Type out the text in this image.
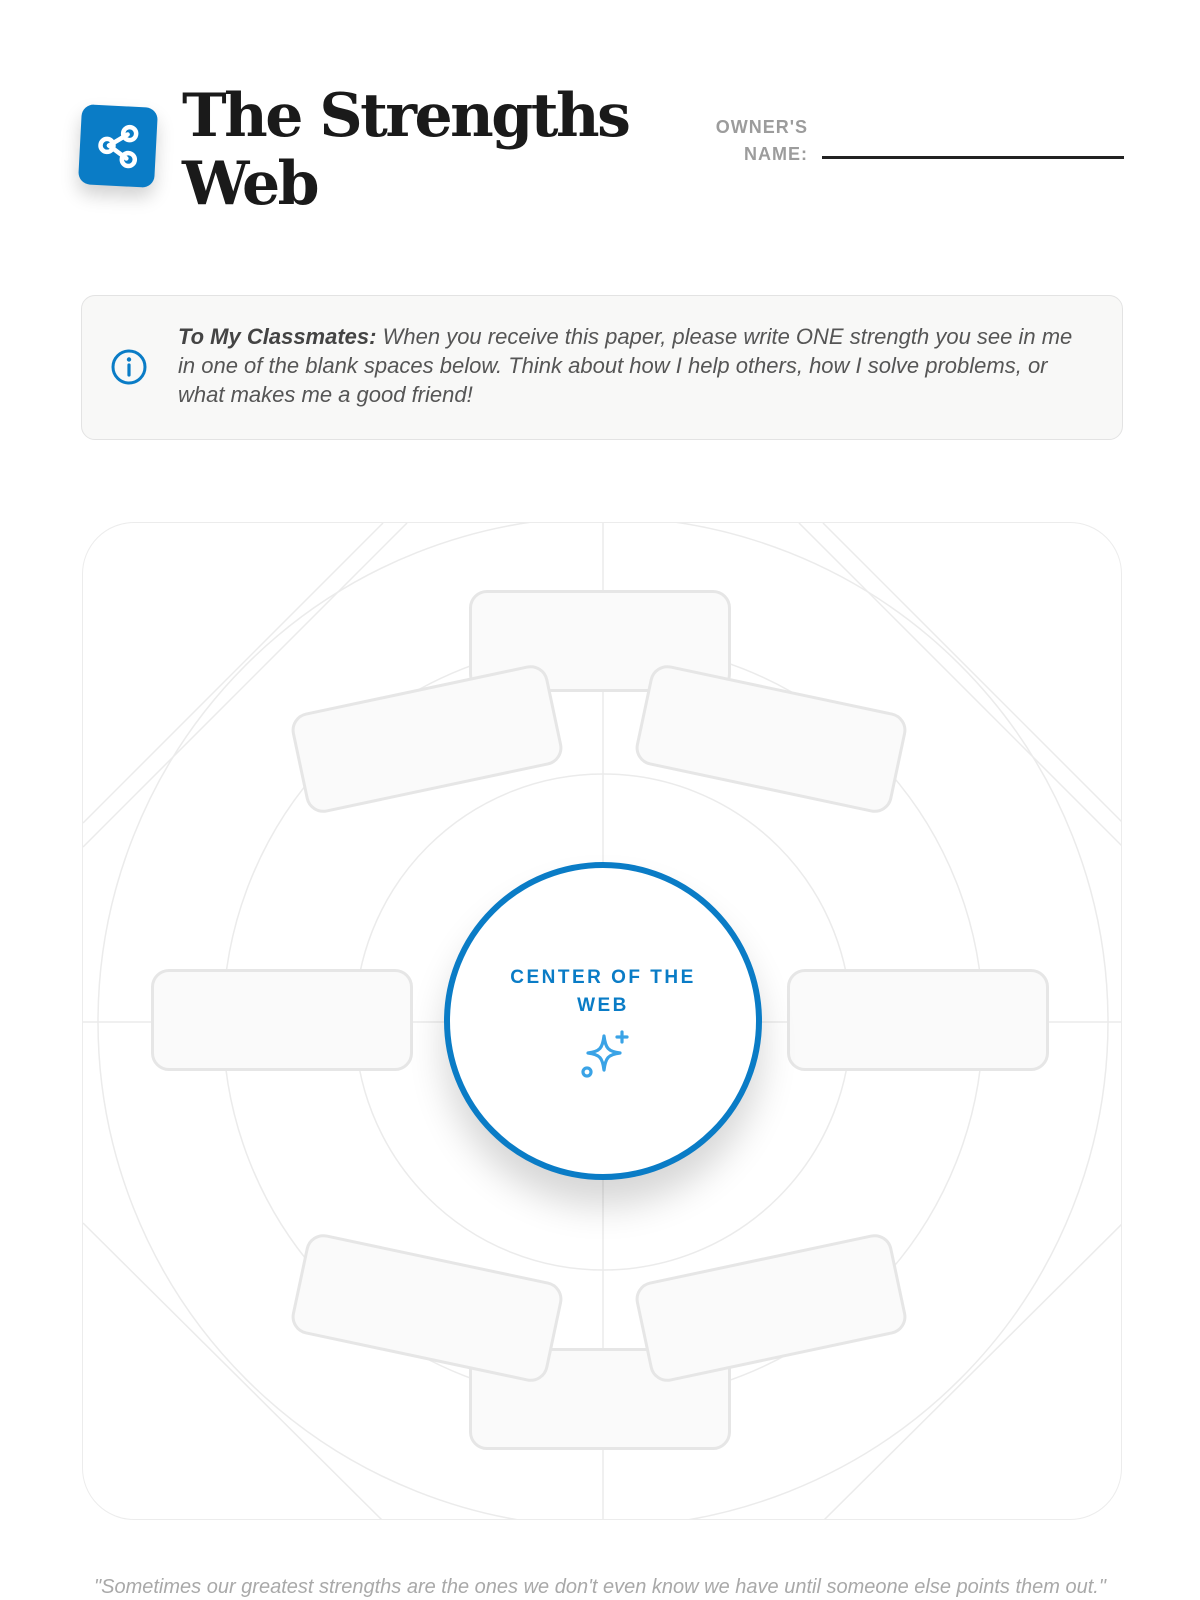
The Strengths Web
OWNER'S NAME:

To My Classmates: When you receive this paper, please write ONE strength you see in me in one of the blank spaces below. Think about how I help others, how I solve problems, or what makes me a good friend!

CENTER OF THE WEB

"Sometimes our greatest strengths are the ones we don't even know we have until someone else points them out."
